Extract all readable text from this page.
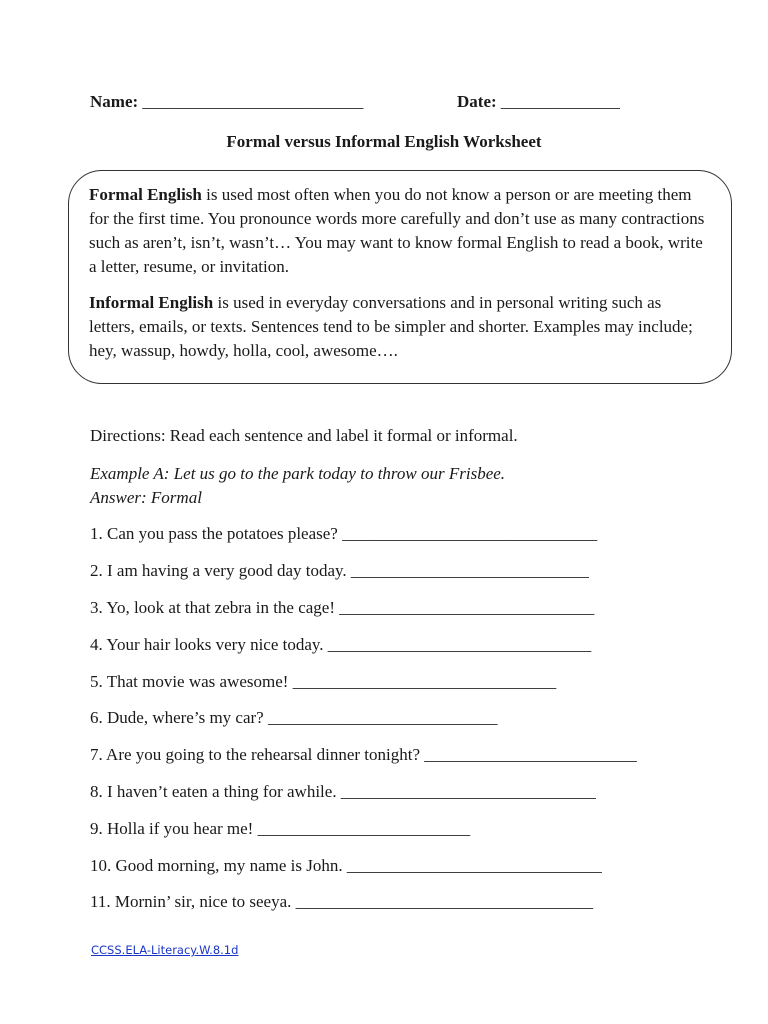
Name: __________________________	Date: ______________
Formal versus Informal English Worksheet

Formal English is used most often when you do not know a person or are meeting them for the first time. You pronounce words more carefully and don’t use as many contractions such as aren’t, isn’t, wasn’t… You may want to know formal English to read a book, write a letter, resume, or invitation.

Informal English is used in everyday conversations and in personal writing such as letters, emails, or texts. Sentences tend to be simpler and shorter. Examples may include; hey, wassup, howdy, holla, cool, awesome….

Directions: Read each sentence and label it formal or informal.
Example A: Let us go to the park today to throw our Frisbee.
Answer: Formal
1. Can you pass the potatoes please? ______________________________
2. I am having a very good day today. ____________________________
3. Yo, look at that zebra in the cage! ______________________________
4. Your hair looks very nice today. _______________________________
5. That movie was awesome! _______________________________
6. Dude, where’s my car? ___________________________
7. Are you going to the rehearsal dinner tonight? _________________________
8. I haven’t eaten a thing for awhile. ______________________________
9. Holla if you hear me! _________________________
10. Good morning, my name is John. ______________________________
11. Mornin’ sir, nice to seeya. ___________________________________
CCSS.ELA-Literacy.W.8.1d
